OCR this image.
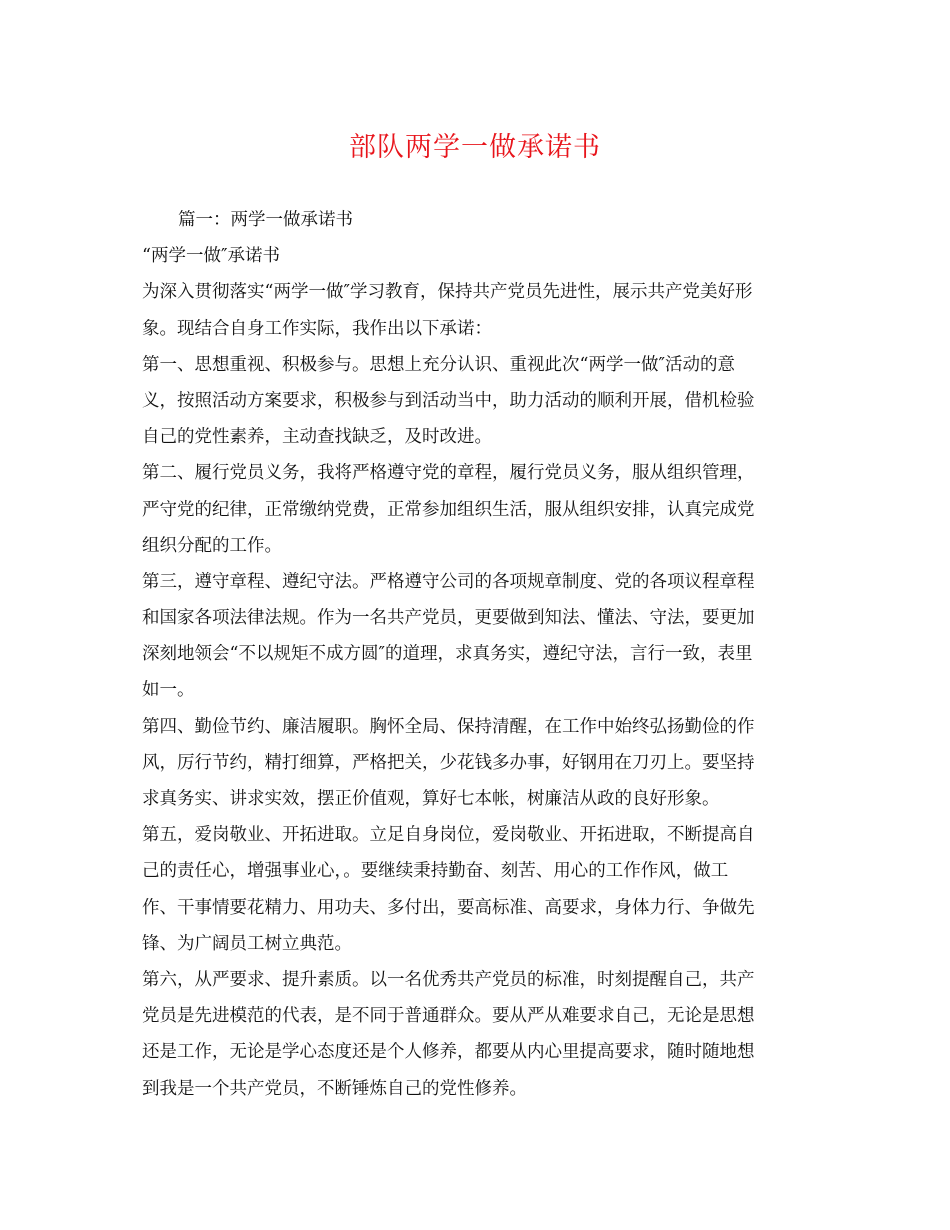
部队两学一做承诺书
篇一：两学一做承诺书
“两学一做″承诺书
为深入贯彻落实“两学一做″学习教育，保持共产党员先进性，展示共产党美好形
象。现结合自身工作实际，我作出以下承诺：
第一、思想重视、积极参与。思想上充分认识、重视此次“两学一做″活动的意
义，按照活动方案要求，积极参与到活动当中，助力活动的顺利开展，借机检验
自己的党性素养，主动查找缺乏，及时改进。
第二、履行党员义务，我将严格遵守党的章程，履行党员义务，服从组织管理，
严守党的纪律，正常缴纳党费，正常参加组织生活，服从组织安排，认真完成党
组织分配的工作。
第三，遵守章程、遵纪守法。严格遵守公司的各项规章制度、党的各项议程章程
和国家各项法律法规。作为一名共产党员，更要做到知法、懂法、守法，要更加
深刻地领会“不以规矩不成方圆″的道理，求真务实，遵纪守法，言行一致，表里
如一。
第四、勤俭节约、廉洁履职。胸怀全局、保持清醒，在工作中始终弘扬勤俭的作
风，厉行节约，精打细算，严格把关，少花钱多办事，好钢用在刀刃上。要坚持
求真务实、讲求实效，摆正价值观，算好七本帐，树廉洁从政的良好形象。
第五，爱岗敬业、开拓进取。立足自身岗位，爱岗敬业、开拓进取，不断提高自
己的责任心，增强事业心，。要继续秉持勤奋、刻苦、用心的工作作风，做工
作、干事情要花精力、用功夫、多付出，要高标准、高要求，身体力行、争做先
锋、为广阔员工树立典范。
第六，从严要求、提升素质。以一名优秀共产党员的标准，时刻提醒自己，共产
党员是先进模范的代表，是不同于普通群众。要从严从难要求自己，无论是思想
还是工作，无论是学心态度还是个人修养，都要从内心里提高要求，随时随地想
到我是一个共产党员，不断锤炼自己的党性修养。
